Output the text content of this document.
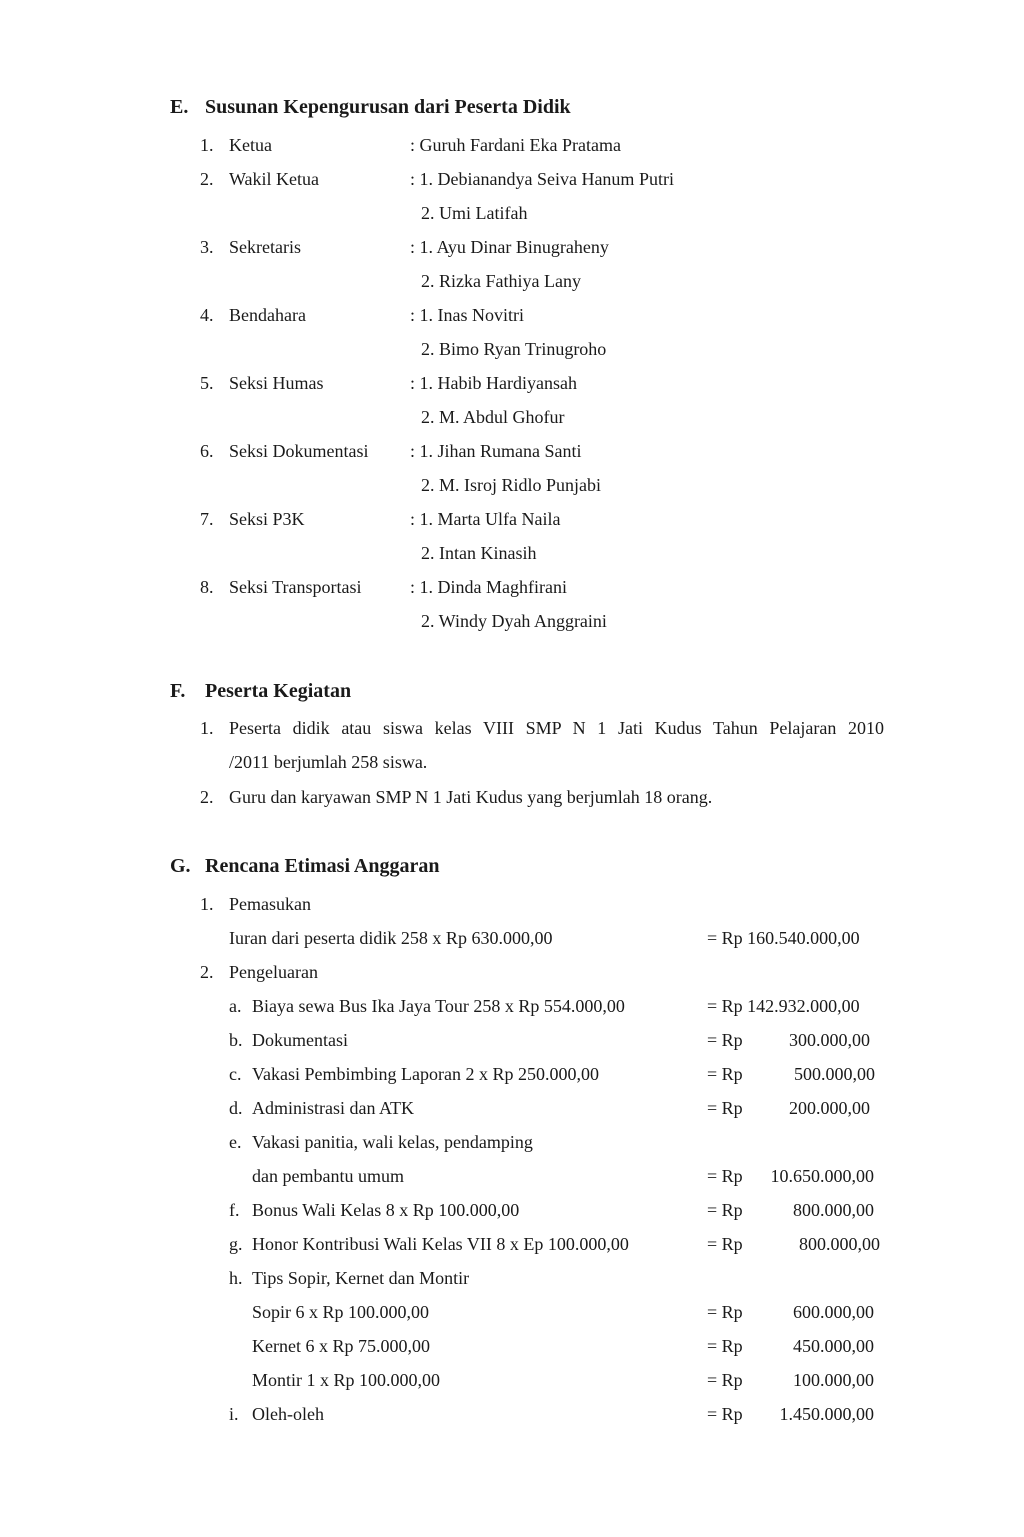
E. Susunan Kepengurusan dari Peserta Didik
1. Ketua	: Guruh Fardani Eka Pratama
2. Wakil Ketua	: 1. Debianandya Seiva Hanum Putri
2. Umi Latifah
3. Sekretaris	: 1. Ayu Dinar Binugraheny
2. Rizka Fathiya Lany
4. Bendahara	: 1. Inas Novitri
2. Bimo Ryan Trinugroho
5. Seksi Humas	: 1. Habib Hardiyansah
2. M. Abdul Ghofur
6. Seksi Dokumentasi : 1. Jihan Rumana Santi
2. M. Isroj Ridlo Punjabi
7. Seksi P3K	: 1. Marta Ulfa Naila
2. Intan Kinasih
8. Seksi Transportasi	: 1. Dinda Maghfirani
2. Windy Dyah Anggraini
F. Peserta Kegiatan
1. Peserta didik atau siswa kelas VIII SMP N 1 Jati Kudus Tahun Pelajaran 2010
/2011 berjumlah 258 siswa.
2. Guru dan karyawan SMP N 1 Jati Kudus yang berjumlah 18 orang.
G. Rencana Etimasi Anggaran
1. Pemasukan
Iuran dari peserta didik 258 x Rp 630.000,00	= Rp 160.540.000,00
2. Pengeluaran
a. Biaya sewa Bus Ika Jaya Tour 258 x Rp 554.000,00	= Rp 142.932.000,00
b. Dokumentasi	= Rp	300.000,00
c. Vakasi Pembimbing Laporan 2 x Rp 250.000,00	= Rp	500.000,00
d. Administrasi dan ATK	= Rp	200.000,00
e. Vakasi panitia, wali kelas, pendamping
dan pembantu umum	= Rp	10.650.000,00
f. Bonus Wali Kelas 8 x Rp 100.000,00	= Rp	800.000,00
g. Honor Kontribusi Wali Kelas VII 8 x Ep 100.000,00	= Rp	800.000,00
h. Tips Sopir, Kernet dan Montir
Sopir 6 x Rp 100.000,00	= Rp	600.000,00
Kernet 6 x Rp 75.000,00	= Rp	450.000,00
Montir 1 x Rp 100.000,00	= Rp	100.000,00
i. Oleh-oleh	= Rp	1.450.000,00
